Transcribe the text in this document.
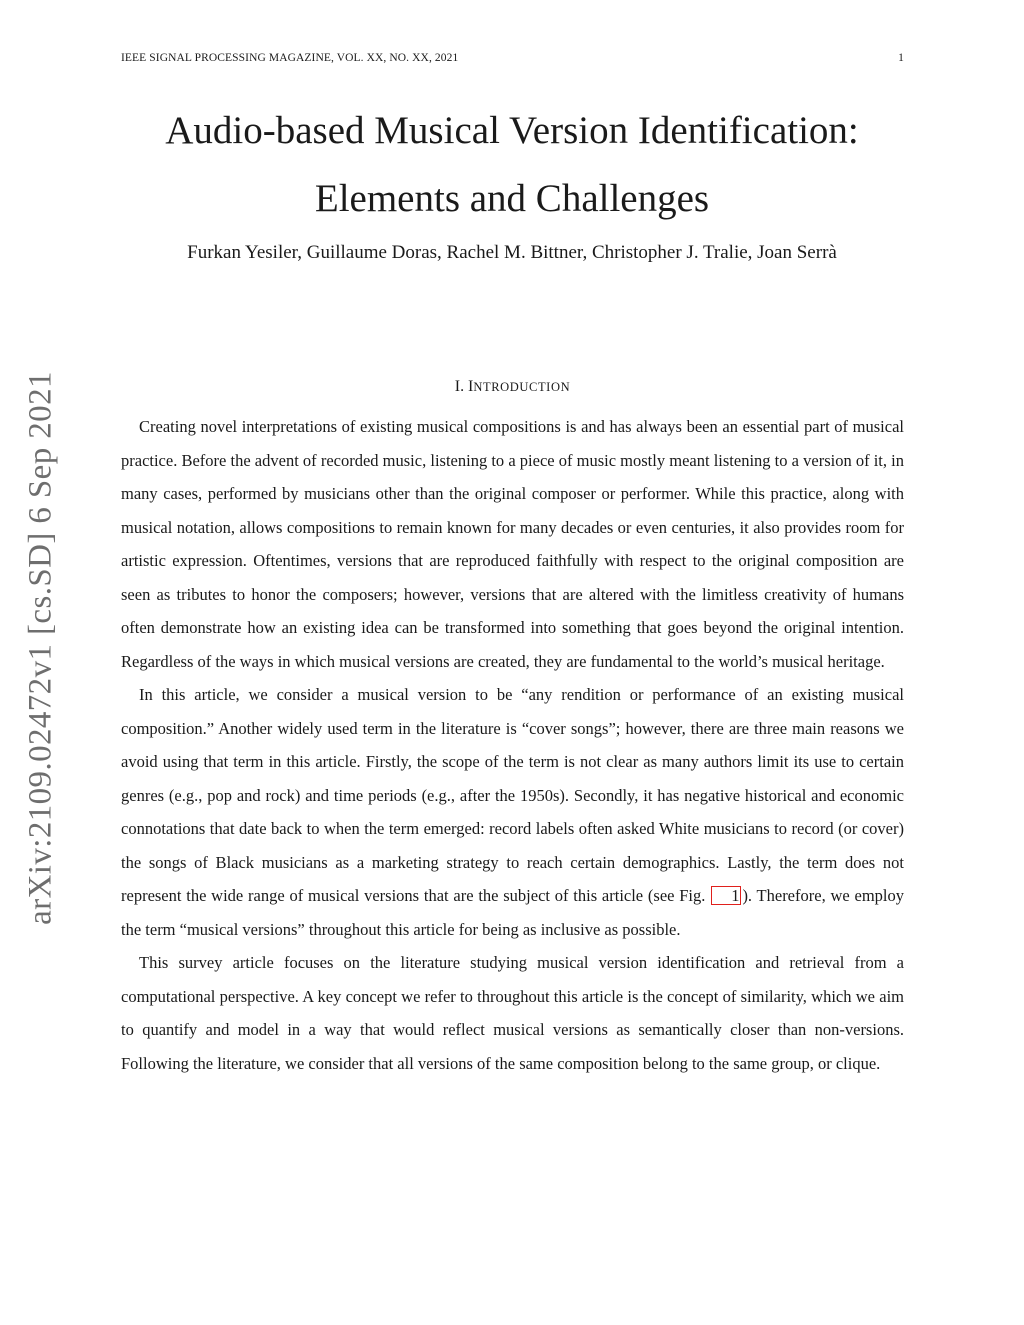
IEEE SIGNAL PROCESSING MAGAZINE, VOL. XX, NO. XX, 2021	1
Audio-based Musical Version Identification:
Elements and Challenges
Furkan Yesiler, Guillaume Doras, Rachel M. Bittner, Christopher J. Tralie, Joan Serrà
arXiv:2109.02472v1 [cs.SD] 6 Sep 2021	I. INTRODUCTION

Creating novel interpretations of existing musical compositions is and has always been an essential part of musical practice. Before the advent of recorded music, listening to a piece of music mostly meant listening to a version of it, in many cases, performed by musicians other than the original composer or performer. While this practice, along with musical notation, allows compositions to remain known for many decades or even centuries, it also provides room for artistic expression. Oftentimes, versions that are reproduced faithfully with respect to the original composition are seen as tributes to honor the composers; however, versions that are altered with the limitless creativity of humans often demonstrate how an existing idea can be transformed into something that goes beyond the original intention. Regardless of the ways in which musical versions are created, they are fundamental to the world’s musical heritage.

In this article, we consider a musical version to be “any rendition or performance of an existing musical composition.” Another widely used term in the literature is “cover songs”; however, there are three main reasons we avoid using that term in this article. Firstly, the scope of the term is not clear as many authors limit its use to certain genres (e.g., pop and rock) and time periods (e.g., after the 1950s). Secondly, it has negative historical and economic connotations that date back to when the term emerged: record labels often asked White musicians to record (or cover) the songs of Black musicians as a marketing strategy to reach certain demographics. Lastly, the term does not represent the wide range of musical versions that are the subject of this article (see Fig. 1 ). Therefore, we employ the term “musical versions” throughout this article for being as inclusive as possible.

This survey article focuses on the literature studying musical version identification and retrieval from a computational perspective. A key concept we refer to throughout this article is the concept of similarity, which we aim to quantify and model in a way that would reflect musical versions as semantically closer than non-versions. Following the literature, we consider that all versions of the same composition belong to the same group, or clique.
